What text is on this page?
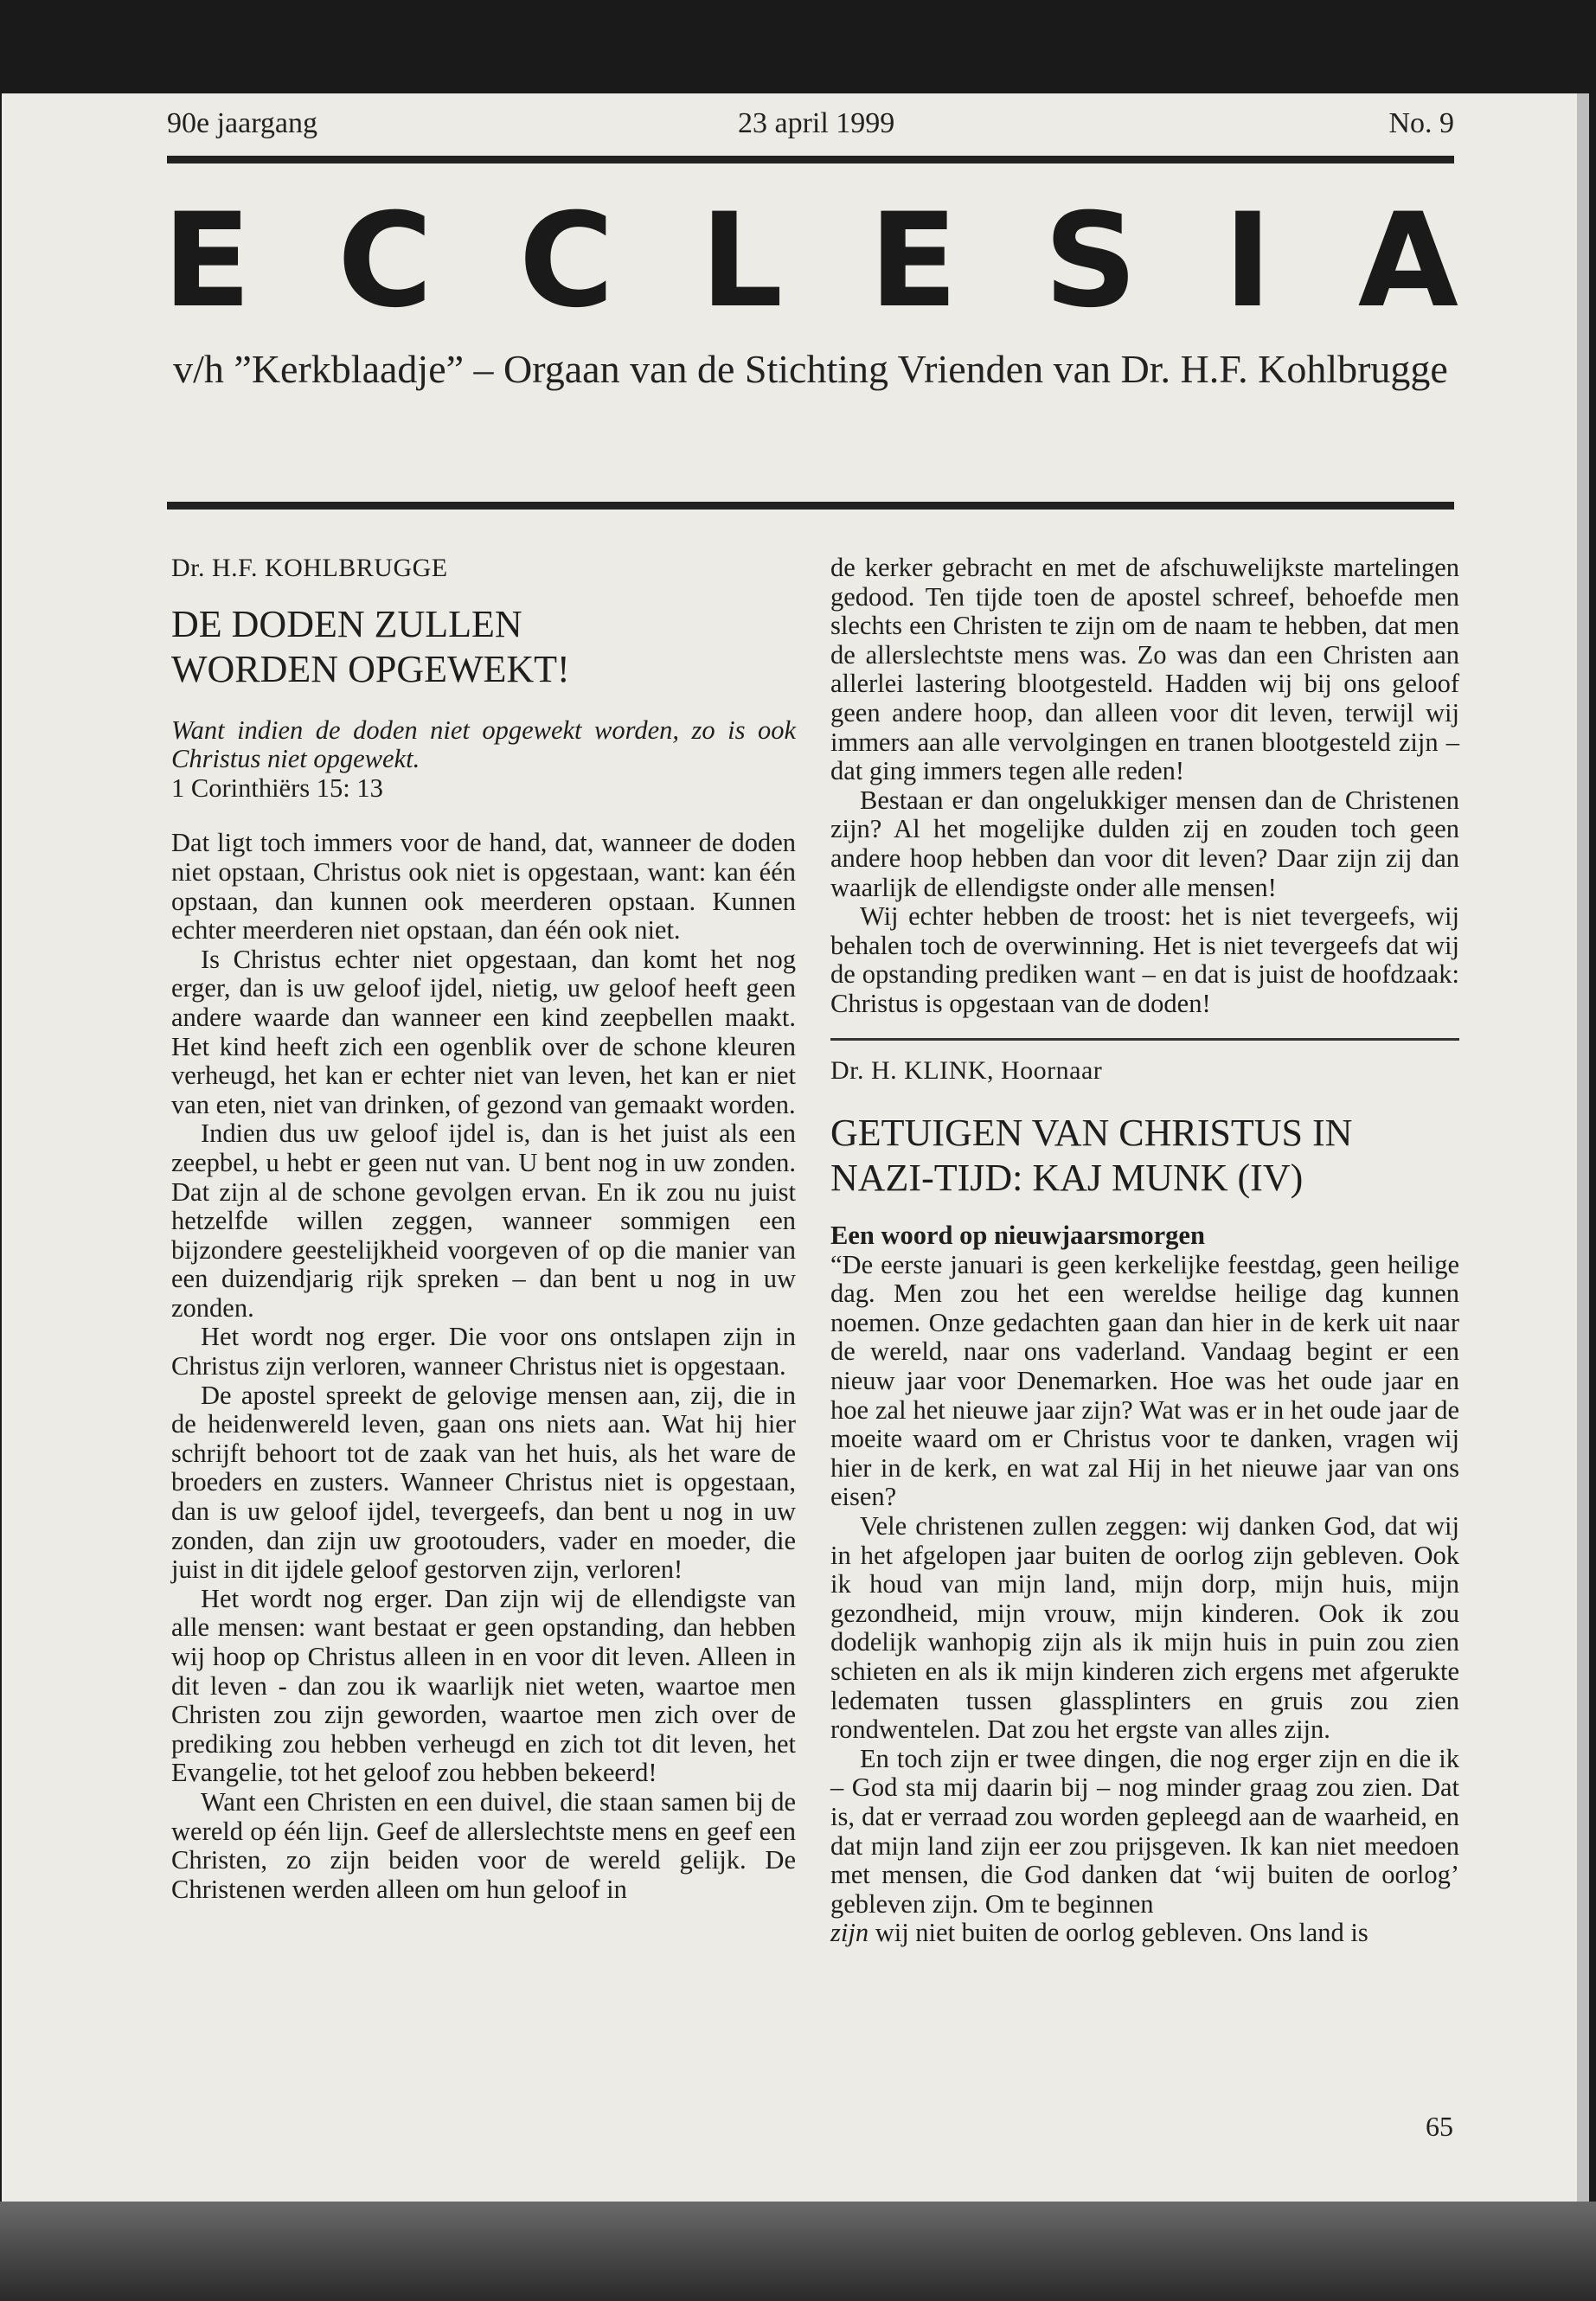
90e jaargang	23 april 1999	No. 9
E C C L E S I A
v/h ”Kerkblaadje” – Orgaan van de Stichting Vrienden van Dr. H.F. Kohlbrugge

Dr. H.F. KOHLBRUGGE

DE DODEN ZULLEN

WORDEN OPGEWEKT!

Want indien de doden niet opgewekt worden, zo is ook Christus niet opgewekt.

1 Corinthiërs 15: 13

Dat ligt toch immers voor de hand, dat, wanneer de doden niet opstaan, Christus ook niet is opgestaan, want: kan één opstaan, dan kunnen ook meerderen opstaan. Kunnen echter meerderen niet opstaan, dan één ook niet.

Is Christus echter niet opgestaan, dan komt het nog erger, dan is uw geloof ijdel, nietig, uw geloof heeft geen andere waarde dan wanneer een kind zeepbellen maakt. Het kind heeft zich een ogenblik over de schone kleuren verheugd, het kan er echter niet van leven, het kan er niet van eten, niet van drinken, of gezond van gemaakt worden.

Indien dus uw geloof ijdel is, dan is het juist als een zeepbel, u hebt er geen nut van. U bent nog in uw zonden. Dat zijn al de schone gevolgen ervan. En ik zou nu juist hetzelfde willen zeggen, wanneer sommigen een bijzondere geestelijkheid voorgeven of op die manier van een duizendjarig rijk spreken – dan bent u nog in uw zonden.

Het wordt nog erger. Die voor ons ontslapen zijn in Christus zijn verloren, wanneer Christus niet is opgestaan.

De apostel spreekt de gelovige mensen aan, zij, die in de heidenwereld leven, gaan ons niets aan. Wat hij hier schrijft behoort tot de zaak van het huis, als het ware de broeders en zusters. Wanneer Christus niet is opgestaan, dan is uw geloof ijdel, tevergeefs, dan bent u nog in uw zonden, dan zijn uw grootouders, vader en moeder, die juist in dit ijdele geloof gestorven zijn, verloren!

Het wordt nog erger. Dan zijn wij de ellendigste van alle mensen: want bestaat er geen opstanding, dan hebben wij hoop op Christus alleen in en voor dit leven. Alleen in dit leven - dan zou ik waarlijk niet weten, waartoe men Christen zou zijn geworden, waartoe men zich over de prediking zou hebben verheugd en zich tot dit leven, het Evangelie, tot het geloof zou hebben bekeerd!

Want een Christen en een duivel, die staan samen bij de wereld op één lijn. Geef de allerslechtste mens en geef een Christen, zo zijn beiden voor de wereld gelijk. De Christenen werden alleen om hun geloof in

de kerker gebracht en met de afschuwelijkste martelingen gedood. Ten tijde toen de apostel schreef, behoefde men slechts een Christen te zijn om de naam te hebben, dat men de allerslechtste mens was. Zo was dan een Christen aan allerlei lastering blootgesteld. Hadden wij bij ons geloof geen andere hoop, dan alleen voor dit leven, terwijl wij immers aan alle vervolgingen en tranen blootgesteld zijn – dat ging immers tegen alle reden!

Bestaan er dan ongelukkiger mensen dan de Christenen zijn? Al het mogelijke dulden zij en zouden toch geen andere hoop hebben dan voor dit leven? Daar zijn zij dan waarlijk de ellendigste onder alle mensen!

Wij echter hebben de troost: het is niet tevergeefs, wij behalen toch de overwinning. Het is niet tevergeefs dat wij de opstanding prediken want – en dat is juist de hoofdzaak: Christus is opgestaan van de doden!

Dr. H. KLINK, Hoornaar

GETUIGEN VAN CHRISTUS IN

NAZI-TIJD: KAJ MUNK (IV)

Een woord op nieuwjaarsmorgen

“De eerste januari is geen kerkelijke feestdag, geen heilige dag. Men zou het een wereldse heilige dag kunnen noemen. Onze gedachten gaan dan hier in de kerk uit naar de wereld, naar ons vaderland. Vandaag begint er een nieuw jaar voor Denemarken. Hoe was het oude jaar en hoe zal het nieuwe jaar zijn? Wat was er in het oude jaar de moeite waard om er Christus voor te danken, vragen wij hier in de kerk, en wat zal Hij in het nieuwe jaar van ons eisen?

Vele christenen zullen zeggen: wij danken God, dat wij in het afgelopen jaar buiten de oorlog zijn gebleven. Ook ik houd van mijn land, mijn dorp, mijn huis, mijn gezondheid, mijn vrouw, mijn kinderen. Ook ik zou dodelijk wanhopig zijn als ik mijn huis in puin zou zien schieten en als ik mijn kinderen zich ergens met afgerukte ledematen tussen glassplinters en gruis zou zien rondwentelen. Dat zou het ergste van alles zijn.

En toch zijn er twee dingen, die nog erger zijn en die ik – God sta mij daarin bij – nog minder graag zou zien. Dat is, dat er verraad zou worden gepleegd aan de waarheid, en dat mijn land zijn eer zou prijsgeven. Ik kan niet meedoen met mensen, die God danken dat ‘wij buiten de oorlog’ gebleven zijn. Om te beginnen

zijn wij niet buiten de oorlog gebleven. Ons land is

65
